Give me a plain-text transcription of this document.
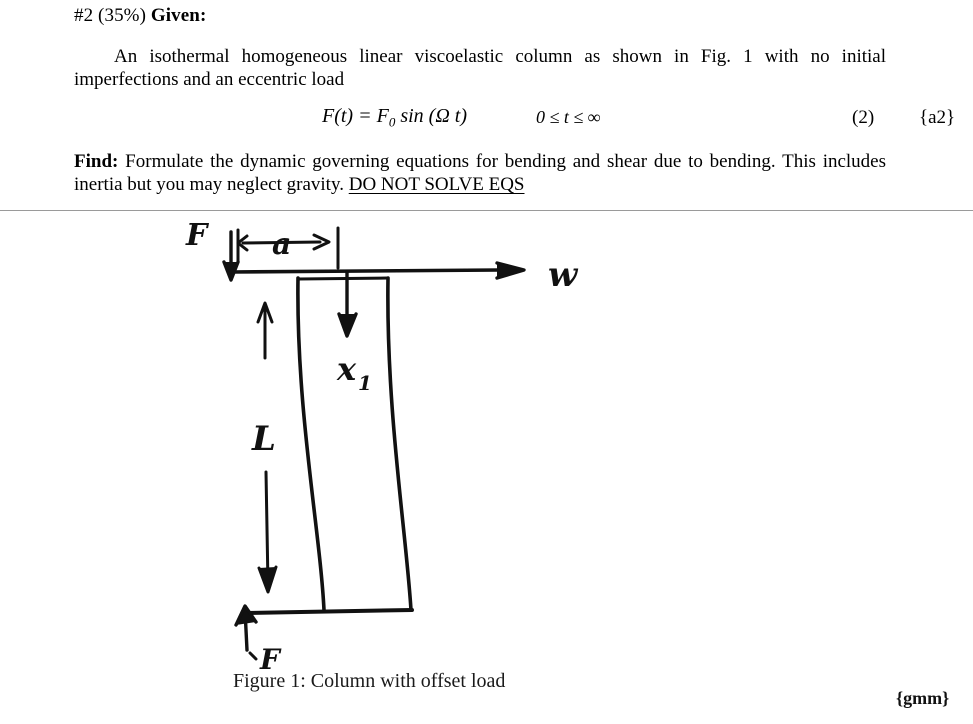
#2 (35%) Given:
An isothermal homogeneous linear viscoelastic column as shown in Fig. 1 with no initial imperfections and an eccentric load
$F(t) = F_0$ sin (Ω t)	0 ≤ t ≤ ∞	(2) {a2}
Find: Formulate the dynamic governing equations for bending and shear due to bending. This includes inertia but you may neglect gravity. DO NOT SOLVE EQS
F a
w
x 1
L
F
Figure 1: Column with offset load
{gmm}
